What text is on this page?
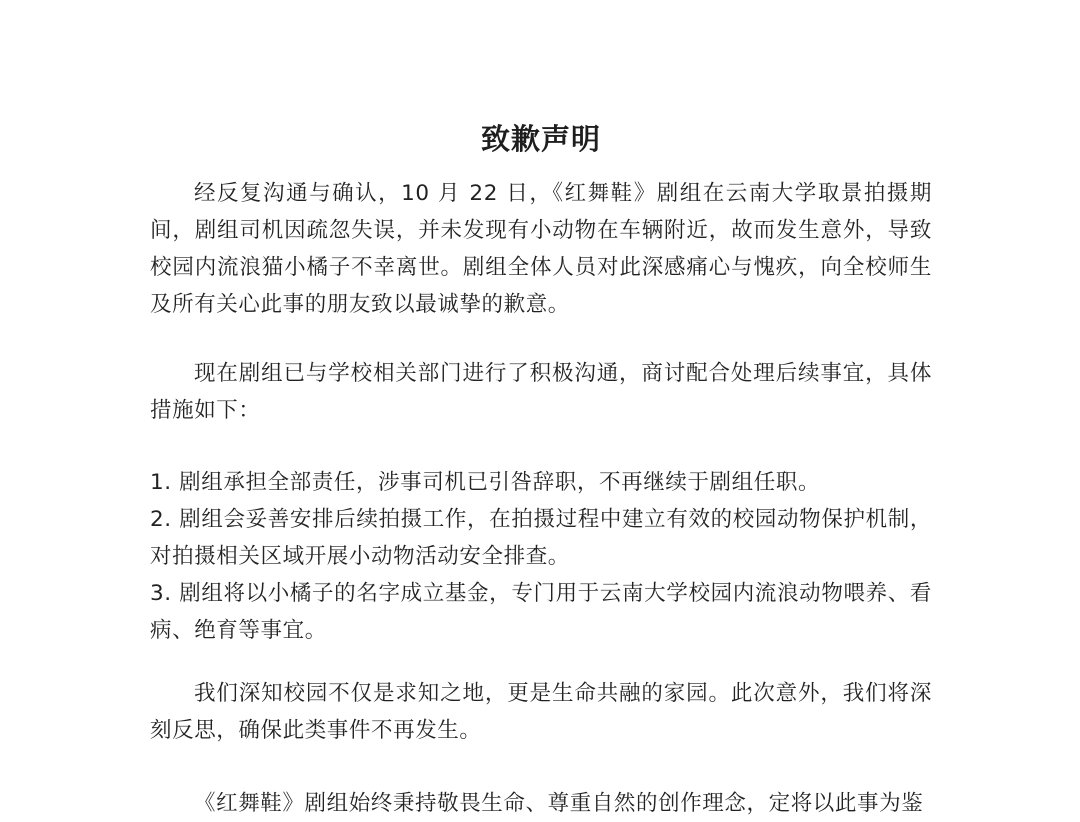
致歉声明

经反复沟通与确认，10 月 22 日，《红舞鞋》剧组在云南大学取景拍摄期间，剧组司机因疏忽失误，并未发现有小动物在车辆附近，故而发生意外，导致校园内流浪猫小橘子不幸离世。剧组全体人员对此深感痛心与愧疚，向全校师生及所有关心此事的朋友致以最诚挚的歉意。

现在剧组已与学校相关部门进行了积极沟通，商讨配合处理后续事宜，具体措施如下：

1. 剧组承担全部责任，涉事司机已引咎辞职，不再继续于剧组任职。
2. 剧组会妥善安排后续拍摄工作，在拍摄过程中建立有效的校园动物保护机制，对拍摄相关区域开展小动物活动安全排查。
3. 剧组将以小橘子的名字成立基金，专门用于云南大学校园内流浪动物喂养、看病、绝育等事宜。

我们深知校园不仅是求知之地，更是生命共融的家园。此次意外，我们将深刻反思，确保此类事件不再发生。

《红舞鞋》剧组始终秉持敬畏生命、尊重自然的创作理念，定将以此事为鉴
